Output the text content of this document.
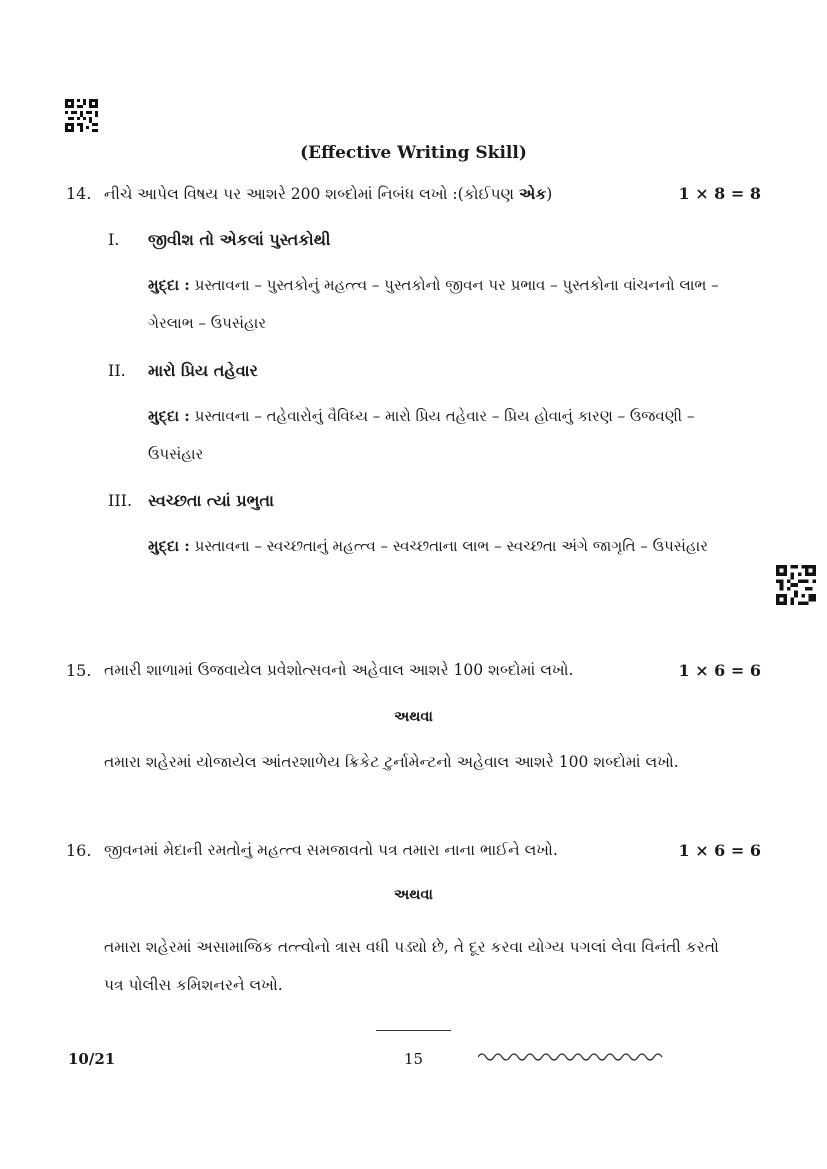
(Effective Writing Skill)
14. નીચે આપેલ વિષય પર આશરે 200 શબ્દોમાં નિબંધ લખો :(કોઈપણ એક)	1 × 8 = 8
I. જીવીશ તો એકલાં પુસ્તકોથી
મુદ્દા : પ્રસ્તાવના – પુસ્તકોનું મહત્ત્વ – પુસ્તકોનો જીવન પર પ્રભાવ – પુસ્તકોના વાંચનનો લાભ – ગેરલાભ – ઉપસંહાર
II. મારો પ્રિય તહેવાર
મુદ્દા : પ્રસ્તાવના – તહેવારોનું વૈવિધ્ય – મારો પ્રિય તહેવાર – પ્રિય હોવાનું કારણ – ઉજવણી – ઉપસંહાર
III. સ્વચ્છતા ત્યાં પ્રભુતા
મુદ્દા : પ્રસ્તાવના – સ્વચ્છતાનું મહત્ત્વ – સ્વચ્છતાના લાભ – સ્વચ્છતા અંગે જાગૃતિ – ઉપસંહાર
15. તમારી શાળામાં ઉજવાયેલ પ્રવેશોત્સવનો અહેવાલ આશરે 100 શબ્દોમાં લખો.	1 × 6 = 6
અથવા
તમારા શહેરમાં યોજાયેલ આંતરશાળેય ક્રિકેટ ટુર્નામેન્ટનો અહેવાલ આશરે 100 શબ્દોમાં લખો.
16. જીવનમાં મેદાની રમતોનું મહત્ત્વ સમજાવતો પત્ર તમારા નાના ભાઈને લખો.	1 × 6 = 6
અથવા
તમારા શહેરમાં અસામાજિક તત્ત્વોનો ત્રાસ વધી પડ્યો છે, તે દૂર કરવા યોગ્ય પગલાં લેવા વિનંતી કરતો પત્ર પોલીસ કમિશનરને લખો.
10/21	15
